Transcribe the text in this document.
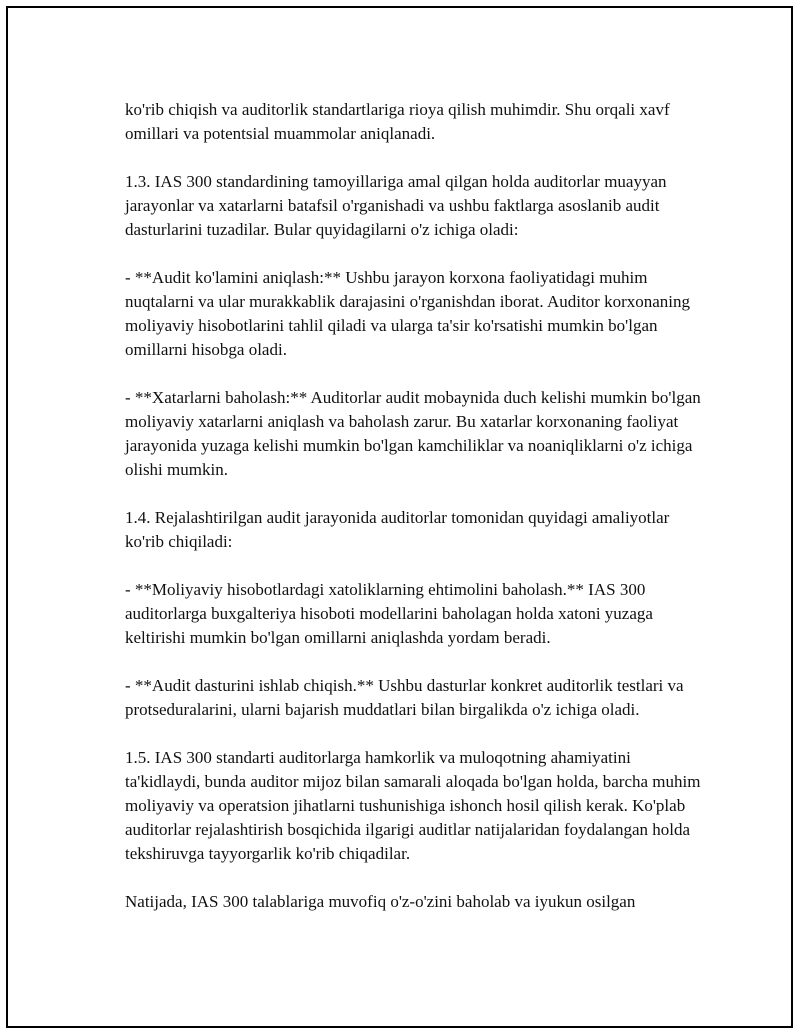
ko'rib chiqish va auditorlik standartlariga rioya qilish muhimdir. Shu orqali xavf omillari va potentsial muammolar aniqlanadi.

1.3. IAS 300 standardining tamoyillariga amal qilgan holda auditorlar muayyan jarayonlar va xatarlarni batafsil o'rganishadi va ushbu faktlarga asoslanib audit dasturlarini tuzadilar. Bular quyidagilarni o'z ichiga oladi:

- **Audit ko'lamini aniqlash:** Ushbu jarayon korxona faoliyatidagi muhim nuqtalarni va ular murakkablik darajasini o'rganishdan iborat. Auditor korxonaning moliyaviy hisobotlarini tahlil qiladi va ularga ta'sir ko'rsatishi mumkin bo'lgan omillarni hisobga oladi.

- **Xatarlarni baholash:** Auditorlar audit mobaynida duch kelishi mumkin bo'lgan moliyaviy xatarlarni aniqlash va baholash zarur. Bu xatarlar korxonaning faoliyat jarayonida yuzaga kelishi mumkin bo'lgan kamchiliklar va noaniqliklarni o'z ichiga olishi mumkin.

1.4. Rejalashtirilgan audit jarayonida auditorlar tomonidan quyidagi amaliyotlar ko'rib chiqiladi:

- **Moliyaviy hisobotlardagi xatoliklarning ehtimolini baholash.** IAS 300 auditorlarga buxgalteriya hisoboti modellarini baholagan holda xatoni yuzaga keltirishi mumkin bo'lgan omillarni aniqlashda yordam beradi.

- **Audit dasturini ishlab chiqish.** Ushbu dasturlar konkret auditorlik testlari va protseduralarini, ularni bajarish muddatlari bilan birgalikda o'z ichiga oladi.

1.5. IAS 300 standarti auditorlarga hamkorlik va muloqotning ahamiyatini ta'kidlaydi, bunda auditor mijoz bilan samarali aloqada bo'lgan holda, barcha muhim moliyaviy va operatsion jihatlarni tushunishiga ishonch hosil qilish kerak. Ko'plab auditorlar rejalashtirish bosqichida ilgarigi auditlar natijalaridan foydalangan holda tekshiruvga tayyorgarlik ko'rib chiqadilar.

Natijada, IAS 300 talablariga muvofiq o'z-o'zini baholab va iyukun osilgan
